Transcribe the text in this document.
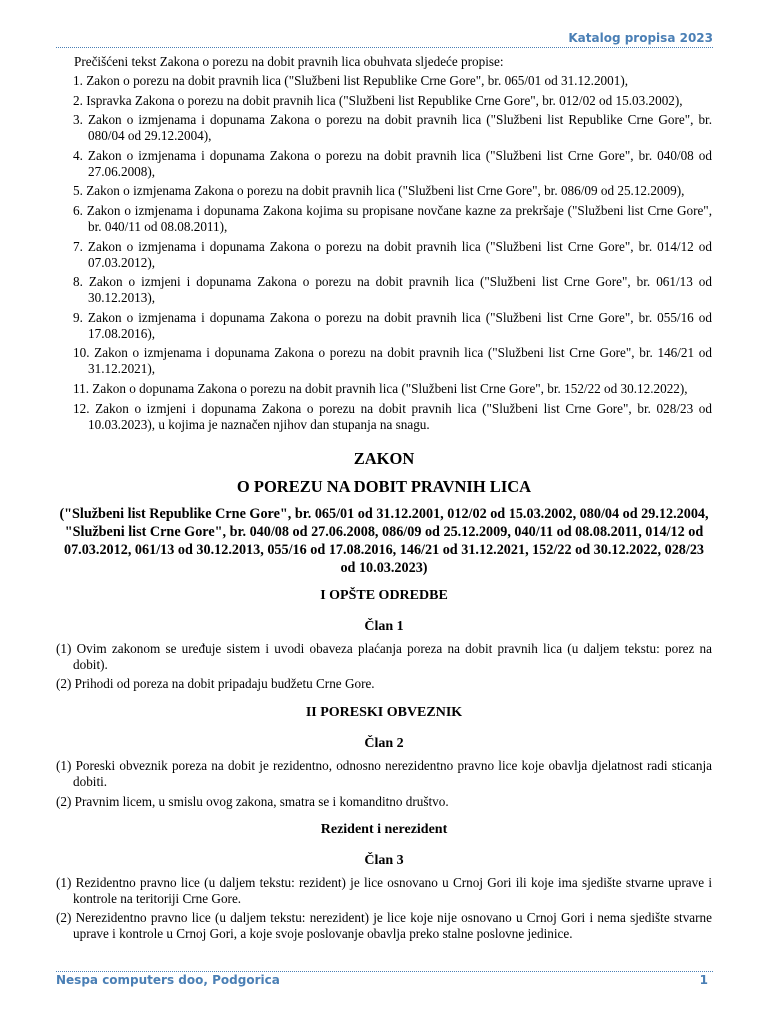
Katalog propisa 2023

Prečišćeni tekst Zakona o porezu na dobit pravnih lica obuhvata sljedeće propise:

1. Zakon o porezu na dobit pravnih lica ("Službeni list Republike Crne Gore", br. 065/01 od 31.12.2001),

2. Ispravka Zakona o porezu na dobit pravnih lica ("Službeni list Republike Crne Gore", br. 012/02 od 15.03.2002),

3. Zakon o izmjenama i dopunama Zakona o porezu na dobit pravnih lica ("Službeni list Republike Crne Gore", br. 080/04 od 29.12.2004),

4. Zakon o izmjenama i dopunama Zakona o porezu na dobit pravnih lica ("Službeni list Crne Gore", br. 040/08 od 27.06.2008),

5. Zakon o izmjenama Zakona o porezu na dobit pravnih lica ("Službeni list Crne Gore", br. 086/09 od 25.12.2009),

6. Zakon o izmjenama i dopunama Zakona kojima su propisane novčane kazne za prekršaje ("Službeni list Crne Gore", br. 040/11 od 08.08.2011),

7. Zakon o izmjenama i dopunama Zakona o porezu na dobit pravnih lica ("Službeni list Crne Gore", br. 014/12 od 07.03.2012),

8. Zakon o izmjeni i dopunama Zakona o porezu na dobit pravnih lica ("Službeni list Crne Gore", br. 061/13 od 30.12.2013),

9. Zakon o izmjenama i dopunama Zakona o porezu na dobit pravnih lica ("Službeni list Crne Gore", br. 055/16 od 17.08.2016),

10. Zakon o izmjenama i dopunama Zakona o porezu na dobit pravnih lica ("Službeni list Crne Gore", br. 146/21 od 31.12.2021),

11. Zakon o dopunama Zakona o porezu na dobit pravnih lica ("Službeni list Crne Gore", br. 152/22 od 30.12.2022),

12. Zakon o izmjeni i dopunama Zakona o porezu na dobit pravnih lica ("Službeni list Crne Gore", br. 028/23 od 10.03.2023), u kojima je naznačen njihov dan stupanja na snagu.

ZAKON
O POREZU NA DOBIT PRAVNIH LICA
("Službeni list Republike Crne Gore", br. 065/01 od 31.12.2001, 012/02 od 15.03.2002, 080/04 od 29.12.2004, "Službeni list Crne Gore", br. 040/08 od 27.06.2008, 086/09 od 25.12.2009, 040/11 od 08.08.2011, 014/12 od 07.03.2012, 061/13 od 30.12.2013, 055/16 od 17.08.2016, 146/21 od 31.12.2021, 152/22 od 30.12.2022, 028/23 od 10.03.2023)
I OPŠTE ODREDBE
Član 1

(1) Ovim zakonom se uređuje sistem i uvodi obaveza plaćanja poreza na dobit pravnih lica (u daljem tekstu: porez na dobit).

(2) Prihodi od poreza na dobit pripadaju budžetu Crne Gore.

II PORESKI OBVEZNIK
Član 2

(1) Poreski obveznik poreza na dobit je rezidentno, odnosno nerezidentno pravno lice koje obavlja djelatnost radi sticanja dobiti.

(2) Pravnim licem, u smislu ovog zakona, smatra se i komanditno društvo.

Rezident i nerezident
Član 3

(1) Rezidentno pravno lice (u daljem tekstu: rezident) je lice osnovano u Crnoj Gori ili koje ima sjedište stvarne uprave i kontrole na teritoriji Crne Gore.

(2) Nerezidentno pravno lice (u daljem tekstu: nerezident) je lice koje nije osnovano u Crnoj Gori i nema sjedište stvarne uprave i kontrole u Crnoj Gori, a koje svoje poslovanje obavlja preko stalne poslovne jedinice.

Nespa computers doo, Podgorica	1
